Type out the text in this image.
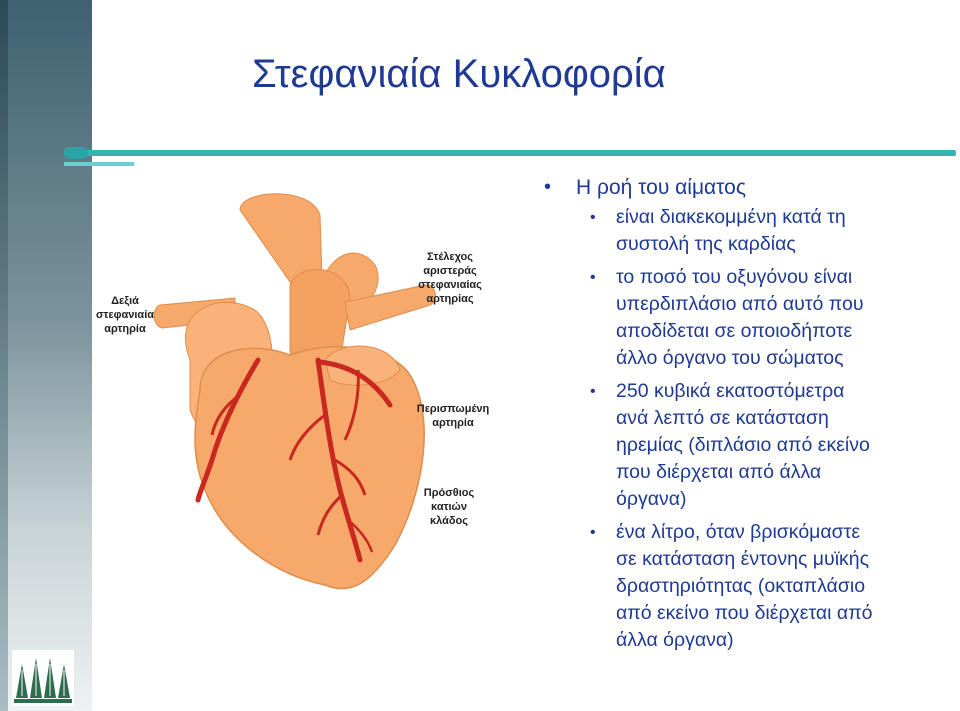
Στεφανιαία Κυκλοφορία
Δεξιά
στεφανιαία
αρτηρία
Στέλεχος
αριστεράς
στεφανιαίας
αρτηρίας
Περισπωμένη
αρτηρία
Πρόσθιος
κατιών
κλάδος
• Η ροή του αίματος
• είναι διακεκομμένη κατά τη
συστολή της καρδίας
• το ποσό του οξυγόνου είναι
υπερδιπλάσιο από αυτό που
αποδίδεται σε οποιοδήποτε
άλλο όργανο του σώματος
• 250 κυβικά εκατοστόμετρα
ανά λεπτό σε κατάσταση
ηρεμίας (διπλάσιο από εκείνο
που διέρχεται από άλλα
όργανα)
• ένα λίτρο, όταν βρισκόμαστε
σε κατάσταση έντονης μυϊκής
δραστηριότητας (οκταπλάσιο
από εκείνο που διέρχεται από
άλλα όργανα)
